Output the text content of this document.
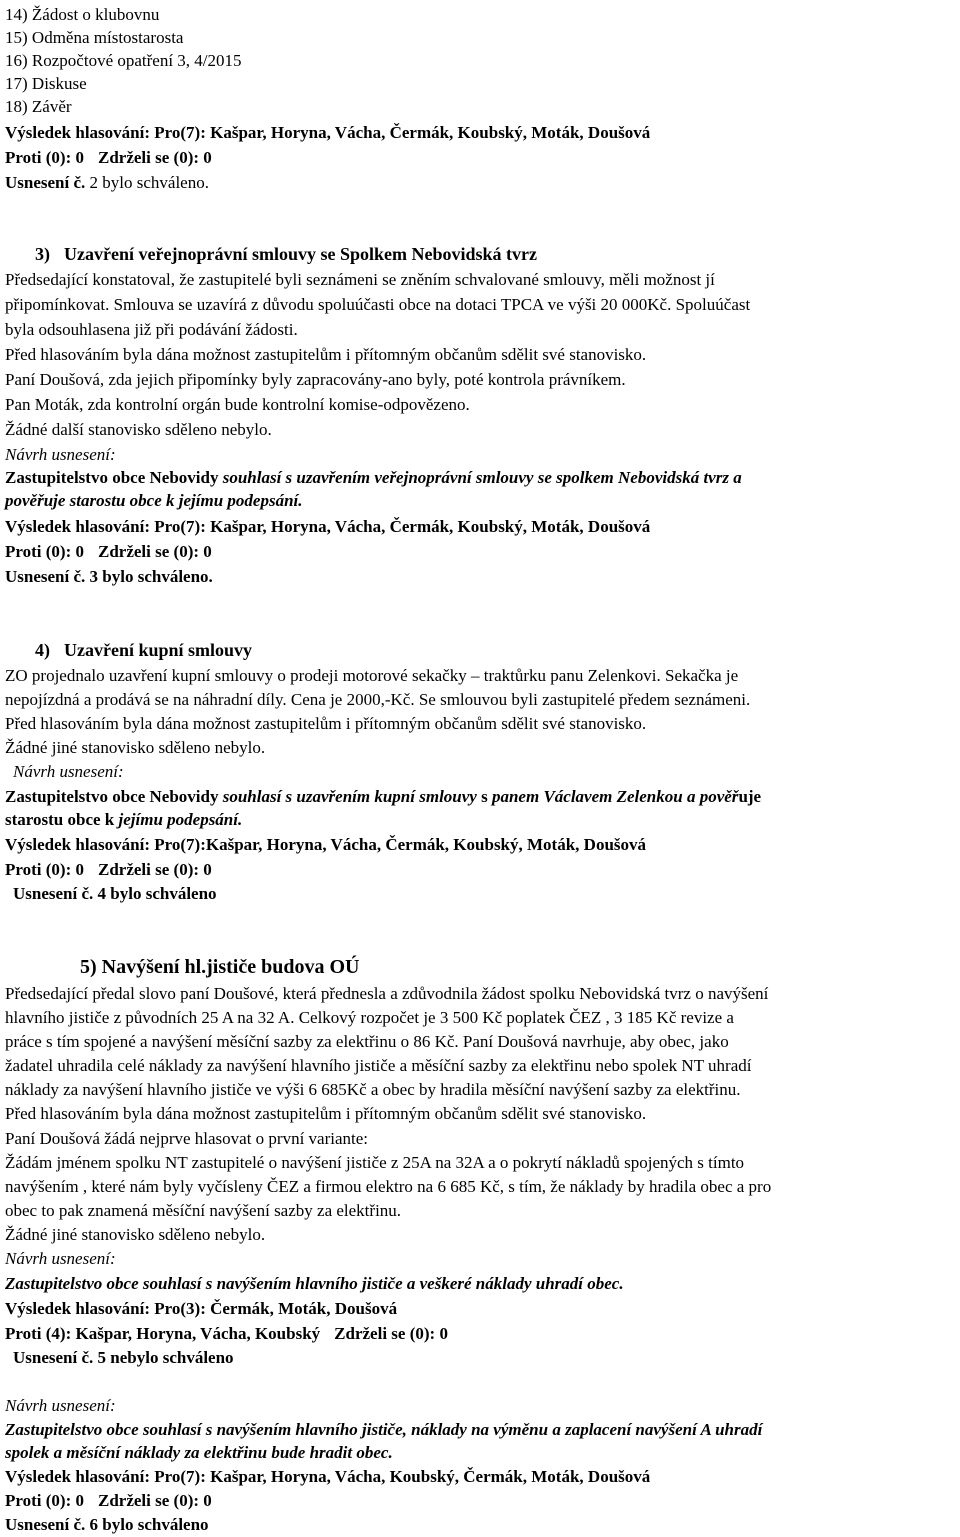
14) Žádost o klubovnu
15) Odměna místostarosta
16) Rozpočtové opatření 3, 4/2015
17) Diskuse
18) Závěr
Výsledek hlasování: Pro(7): Kašpar, Horyna, Vácha, Čermák, Koubský, Moták, Doušová
Proti (0): 0 Zdrželi se (0): 0
Usnesení č. 2 bylo schváleno.
3) Uzavření veřejnoprávní smlouvy se Spolkem Nebovidská tvrz
Předsedající konstatoval, že zastupitelé byli seznámeni se zněním schvalované smlouvy, měli možnost jí
připomínkovat. Smlouva se uzavírá z důvodu spoluúčasti obce na dotaci TPCA ve výši 20 000Kč. Spoluúčast
byla odsouhlasena již při podávání žádosti.
Před hlasováním byla dána možnost zastupitelům i přítomným občanům sdělit své stanovisko.
Paní Doušová, zda jejich připomínky byly zapracovány-ano byly, poté kontrola právníkem.
Pan Moták, zda kontrolní orgán bude kontrolní komise-odpovězeno.
Žádné další stanovisko sděleno nebylo.
Návrh usnesení:
Zastupitelstvo obce Nebovidy souhlasí s uzavřením veřejnoprávní smlouvy se spolkem Nebovidská tvrz a
pověřuje starostu obce k jejímu podepsání.
Výsledek hlasování: Pro(7): Kašpar, Horyna, Vácha, Čermák, Koubský, Moták, Doušová
Proti (0): 0 Zdrželi se (0): 0
Usnesení č. 3 bylo schváleno.
4) Uzavření kupní smlouvy
ZO projednalo uzavření kupní smlouvy o prodeji motorové sekačky – traktůrku panu Zelenkovi. Sekačka je
nepojízdná a prodává se na náhradní díly. Cena je 2000,-Kč. Se smlouvou byli zastupitelé předem seznámeni.
Před hlasováním byla dána možnost zastupitelům i přítomným občanům sdělit své stanovisko.
Žádné jiné stanovisko sděleno nebylo.
Návrh usnesení:
Zastupitelstvo obce Nebovidy souhlasí s uzavřením kupní smlouvy s panem Václavem Zelenkou a pověřuje
starostu obce k jejímu podepsání.
Výsledek hlasování: Pro(7):Kašpar, Horyna, Vácha, Čermák, Koubský, Moták, Doušová
Proti (0): 0 Zdrželi se (0): 0
Usnesení č. 4 bylo schváleno
5) Navýšení hl.jističe budova OÚ
Předsedající předal slovo paní Doušové, která přednesla a zdůvodnila žádost spolku Nebovidská tvrz o navýšení
hlavního jističe z původních 25 A na 32 A. Celkový rozpočet je 3 500 Kč poplatek ČEZ , 3 185 Kč revize a
práce s tím spojené a navýšení měsíční sazby za elektřinu o 86 Kč. Paní Doušová navrhuje, aby obec, jako
žadatel uhradila celé náklady za navýšení hlavního jističe a měsíční sazby za elektřinu nebo spolek NT uhradí
náklady za navýšení hlavního jističe ve výši 6 685Kč a obec by hradila měsíční navýšení sazby za elektřinu.
Před hlasováním byla dána možnost zastupitelům i přítomným občanům sdělit své stanovisko.
Paní Doušová žádá nejprve hlasovat o první variante:
Žádám jménem spolku NT zastupitelé o navýšení jističe z 25A na 32A a o pokrytí nákladů spojených s tímto
navýšením , které nám byly vyčísleny ČEZ a firmou elektro na 6 685 Kč, s tím, že náklady by hradila obec a pro
obec to pak znamená měsíční navýšení sazby za elektřinu.
Žádné jiné stanovisko sděleno nebylo.
Návrh usnesení:
Zastupitelstvo obce souhlasí s navýšením hlavního jističe a veškeré náklady uhradí obec.
Výsledek hlasování: Pro(3): Čermák, Moták, Doušová
Proti (4): Kašpar, Horyna, Vácha, Koubský Zdrželi se (0): 0
Usnesení č. 5 nebylo schváleno
Návrh usnesení:
Zastupitelstvo obce souhlasí s navýšením hlavního jističe, náklady na výměnu a zaplacení navýšení A uhradí
spolek a měsíční náklady za elektřinu bude hradit obec.
Výsledek hlasování: Pro(7): Kašpar, Horyna, Vácha, Koubský, Čermák, Moták, Doušová
Proti (0): 0 Zdrželi se (0): 0
Usnesení č. 6 bylo schváleno
